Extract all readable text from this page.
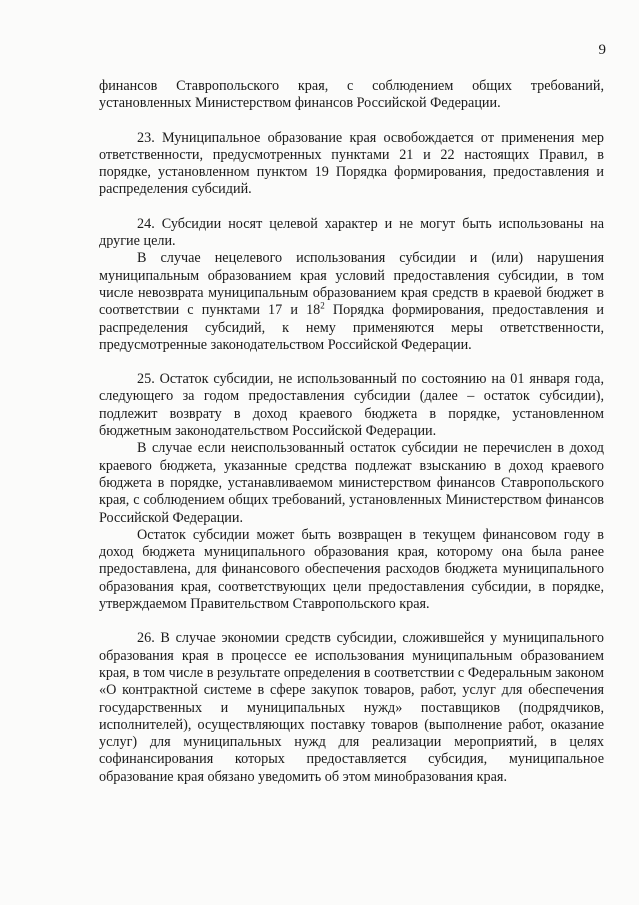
9

финансов Ставропольского края, с соблюдением общих требований, установленных Министерством финансов Российской Федерации.

23. Муниципальное образование края освобождается от применения мер ответственности, предусмотренных пунктами 21 и 22 настоящих Правил, в порядке, установленном пунктом 19 Порядка формирования, предоставления и распределения субсидий.

24. Субсидии носят целевой характер и не могут быть использованы на другие цели.

В случае нецелевого использования субсидии и (или) нарушения муниципальным образованием края условий предоставления субсидии, в том числе невозврата муниципальным образованием края средств в краевой бюджет в соответствии с пунктами 17 и $18^2$ Порядка формирования, предоставления и распределения субсидий, к нему применяются меры ответственности, предусмотренные законодательством Российской Федерации.

25. Остаток субсидии, не использованный по состоянию на 01 января года, следующего за годом предоставления субсидии (далее – остаток субсидии), подлежит возврату в доход краевого бюджета в порядке, установленном бюджетным законодательством Российской Федерации.

В случае если неиспользованный остаток субсидии не перечислен в доход краевого бюджета, указанные средства подлежат взысканию в доход краевого бюджета в порядке, устанавливаемом министерством финансов Ставропольского края, с соблюдением общих требований, установленных Министерством финансов Российской Федерации.

Остаток субсидии может быть возвращен в текущем финансовом году в доход бюджета муниципального образования края, которому она была ранее предоставлена, для финансового обеспечения расходов бюджета муниципального образования края, соответствующих цели предоставления субсидии, в порядке, утверждаемом Правительством Ставропольского края.

26. В случае экономии средств субсидии, сложившейся у муниципального образования края в процессе ее использования муниципальным образованием края, в том числе в результате определения в соответствии с Федеральным законом «О контрактной системе в сфере закупок товаров, работ, услуг для обеспечения государственных и муниципальных нужд» поставщиков (подрядчиков, исполнителей), осуществляющих поставку товаров (выполнение работ, оказание услуг) для муниципальных нужд для реализации мероприятий, в целях софинансирования которых предоставляется субсидия, муниципальное образование края обязано уведомить об этом минобразования края.
